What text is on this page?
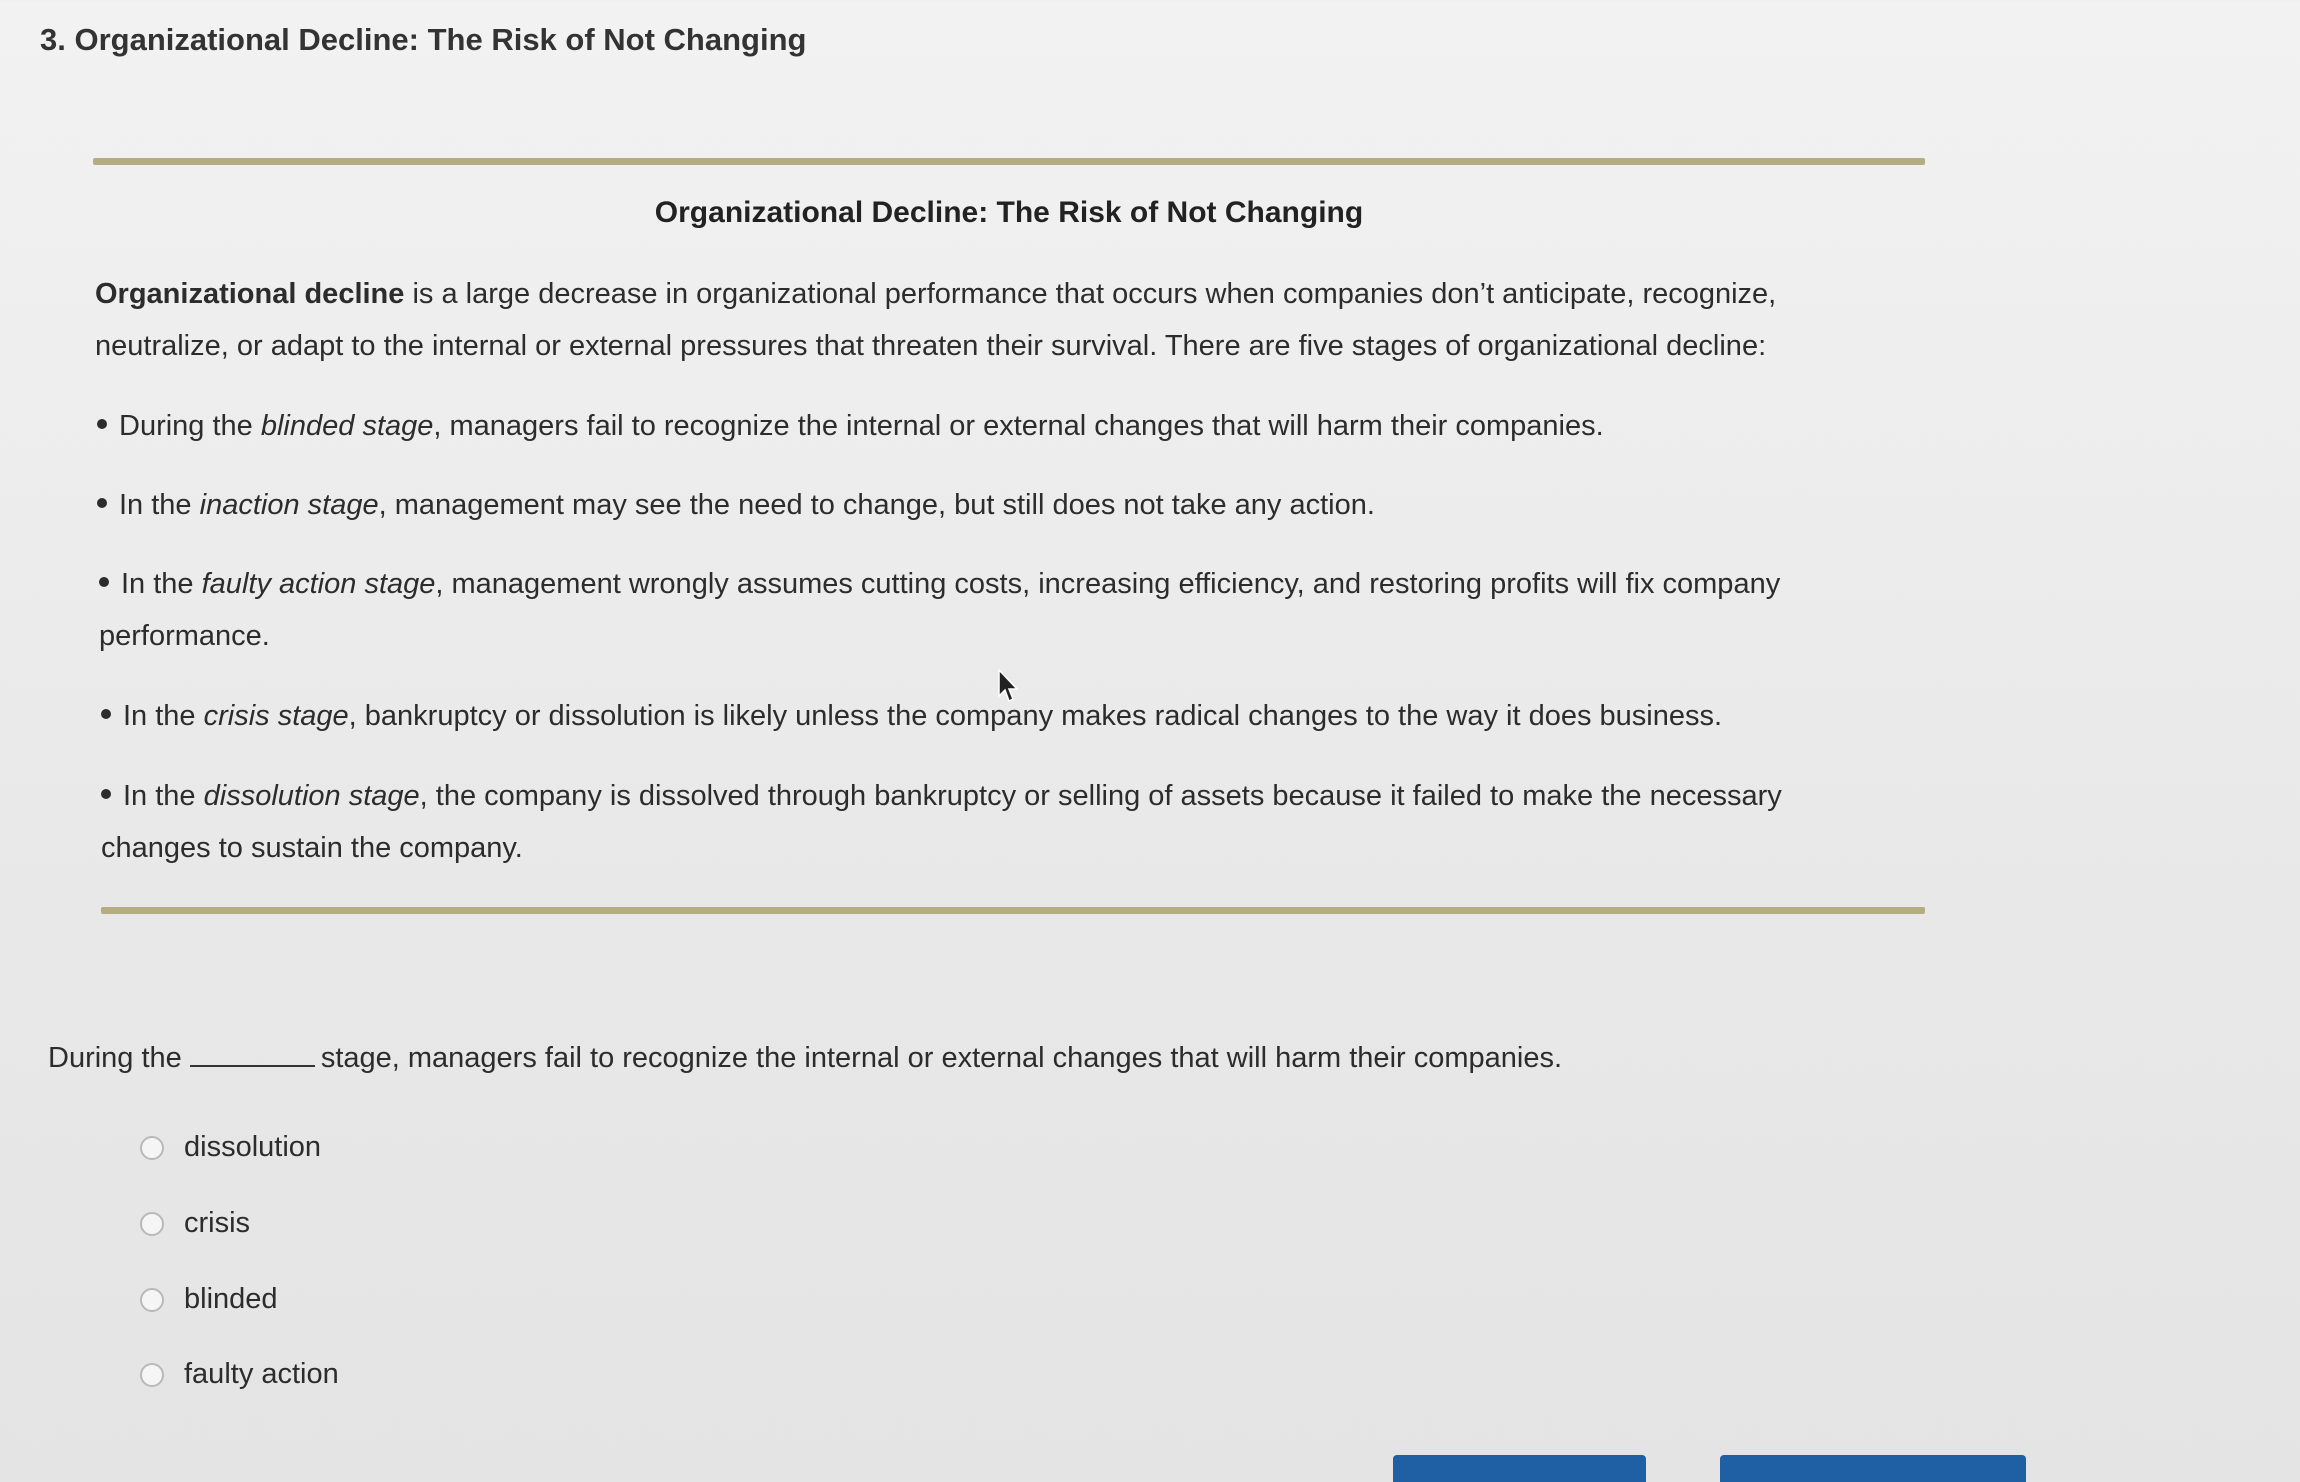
3. Organizational Decline: The Risk of Not Changing
Organizational Decline: The Risk of Not Changing
Organizational decline is a large decrease in organizational performance that occurs when companies don’t anticipate, recognize,
neutralize, or adapt to the internal or external pressures that threaten their survival. There are five stages of organizational decline:
During the blinded stage, managers fail to recognize the internal or external changes that will harm their companies.
In the inaction stage, management may see the need to change, but still does not take any action.
In the faulty action stage, management wrongly assumes cutting costs, increasing efficiency, and restoring profits will fix company
performance.
In the crisis stage, bankruptcy or dissolution is likely unless the company makes radical changes to the way it does business.
In the dissolution stage, the company is dissolved through bankruptcy or selling of assets because it failed to make the necessary
changes to sustain the company.
During the	stage, managers fail to recognize the internal or external changes that will harm their companies.
dissolution
crisis
blinded
faulty action
